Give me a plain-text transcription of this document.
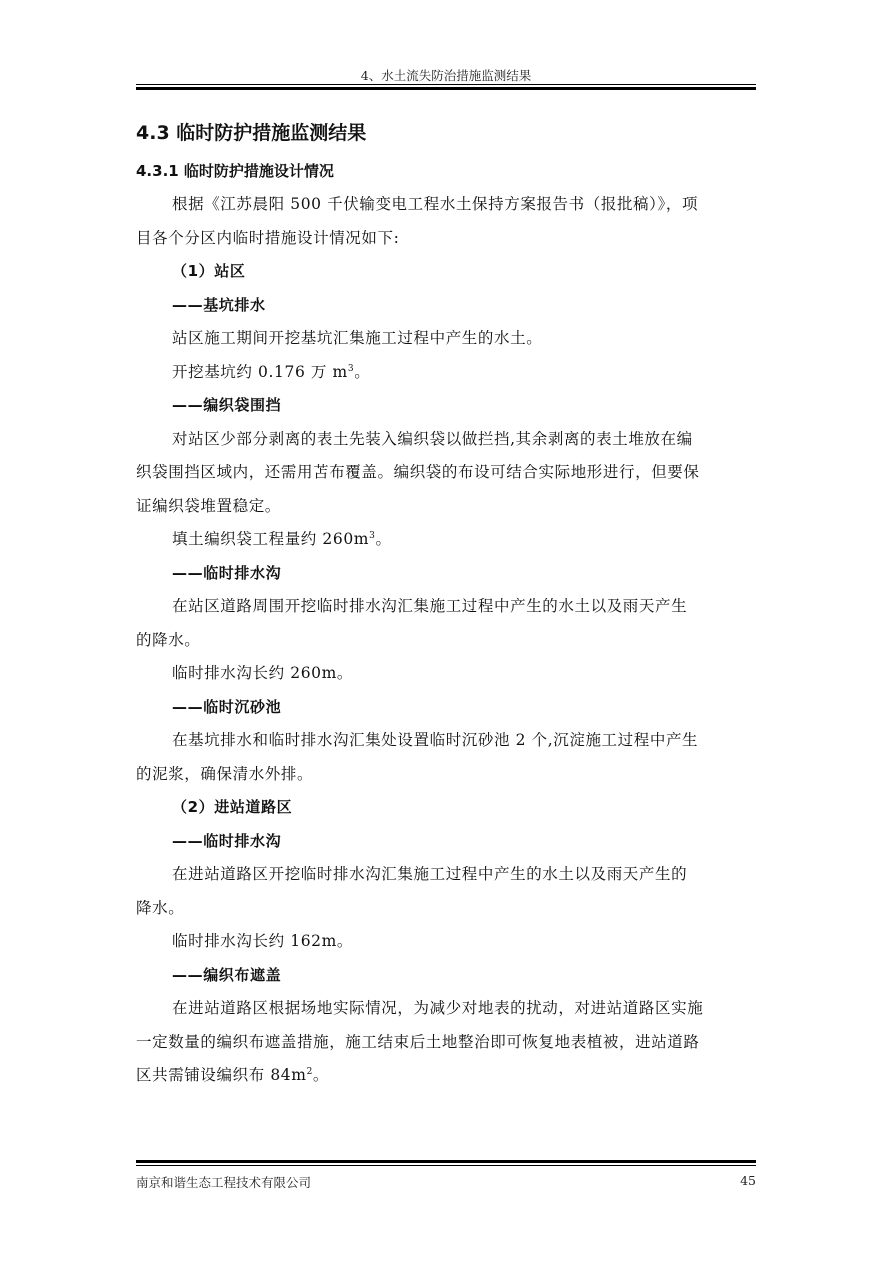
4、水土流失防治措施监测结果
4.3 临时防护措施监测结果
4.3.1 临时防护措施设计情况

根据《江苏晨阳 500 千伏输变电工程水土保持方案报告书（报批稿）》，项

目各个分区内临时措施设计情况如下:

（1）站区

——基坑排水

站区施工期间开挖基坑汇集施工过程中产生的水土。

开挖基坑约 0.176 万 $m^3$。

——编织袋围挡

对站区少部分剥离的表土先装入编织袋以做拦挡,其余剥离的表土堆放在编

织袋围挡区域内，还需用苫布覆盖。编织袋的布设可结合实际地形进行，但要保

证编织袋堆置稳定。

填土编织袋工程量约 $260m^3$。

——临时排水沟

在站区道路周围开挖临时排水沟汇集施工过程中产生的水土以及雨天产生

的降水。

临时排水沟长约 260m。

——临时沉砂池

在基坑排水和临时排水沟汇集处设置临时沉砂池 2 个,沉淀施工过程中产生

的泥浆，确保清水外排。

（2）进站道路区

——临时排水沟

在进站道路区开挖临时排水沟汇集施工过程中产生的水土以及雨天产生的

降水。

临时排水沟长约 162m。

——编织布遮盖

在进站道路区根据场地实际情况，为减少对地表的扰动，对进站道路区实施

一定数量的编织布遮盖措施，施工结束后土地整治即可恢复地表植被，进站道路

区共需铺设编织布 $84m^2$。

南京和谐生态工程技术有限公司	45
